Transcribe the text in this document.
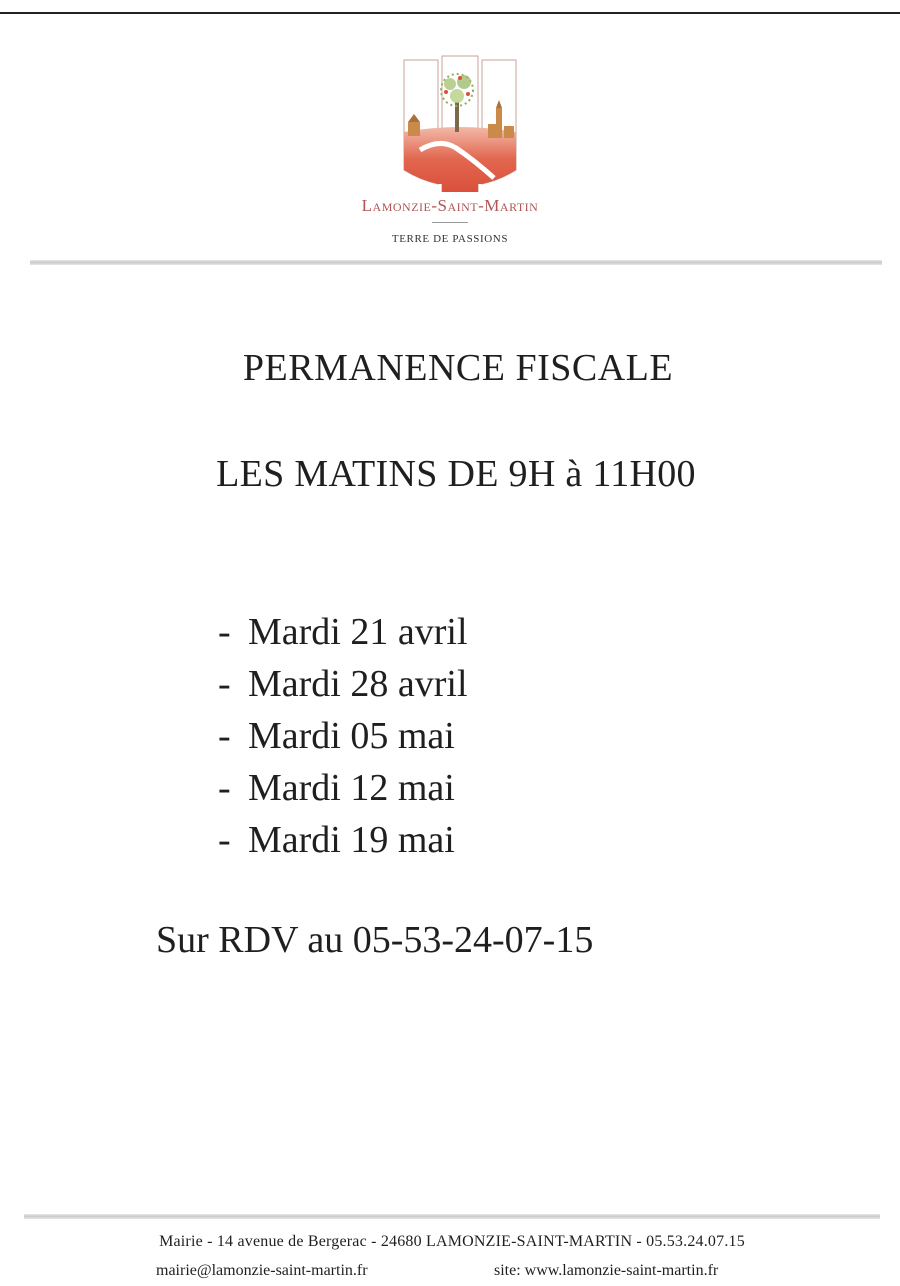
Lamonzie-Saint-Martin
TERRE DE PASSIONS
PERMANENCE FISCALE
LES MATINS DE 9H à 11H00
- Mardi 21 avril
- Mardi 28 avril
- Mardi 05 mai
- Mardi 12 mai
- Mardi 19 mai
Sur RDV au 05-53-24-07-15
Mairie - 14 avenue de Bergerac - 24680 LAMONZIE-SAINT-MARTIN - 05.53.24.07.15
mairie@lamonzie-saint-martin.fr	site: www.lamonzie-saint-martin.fr
